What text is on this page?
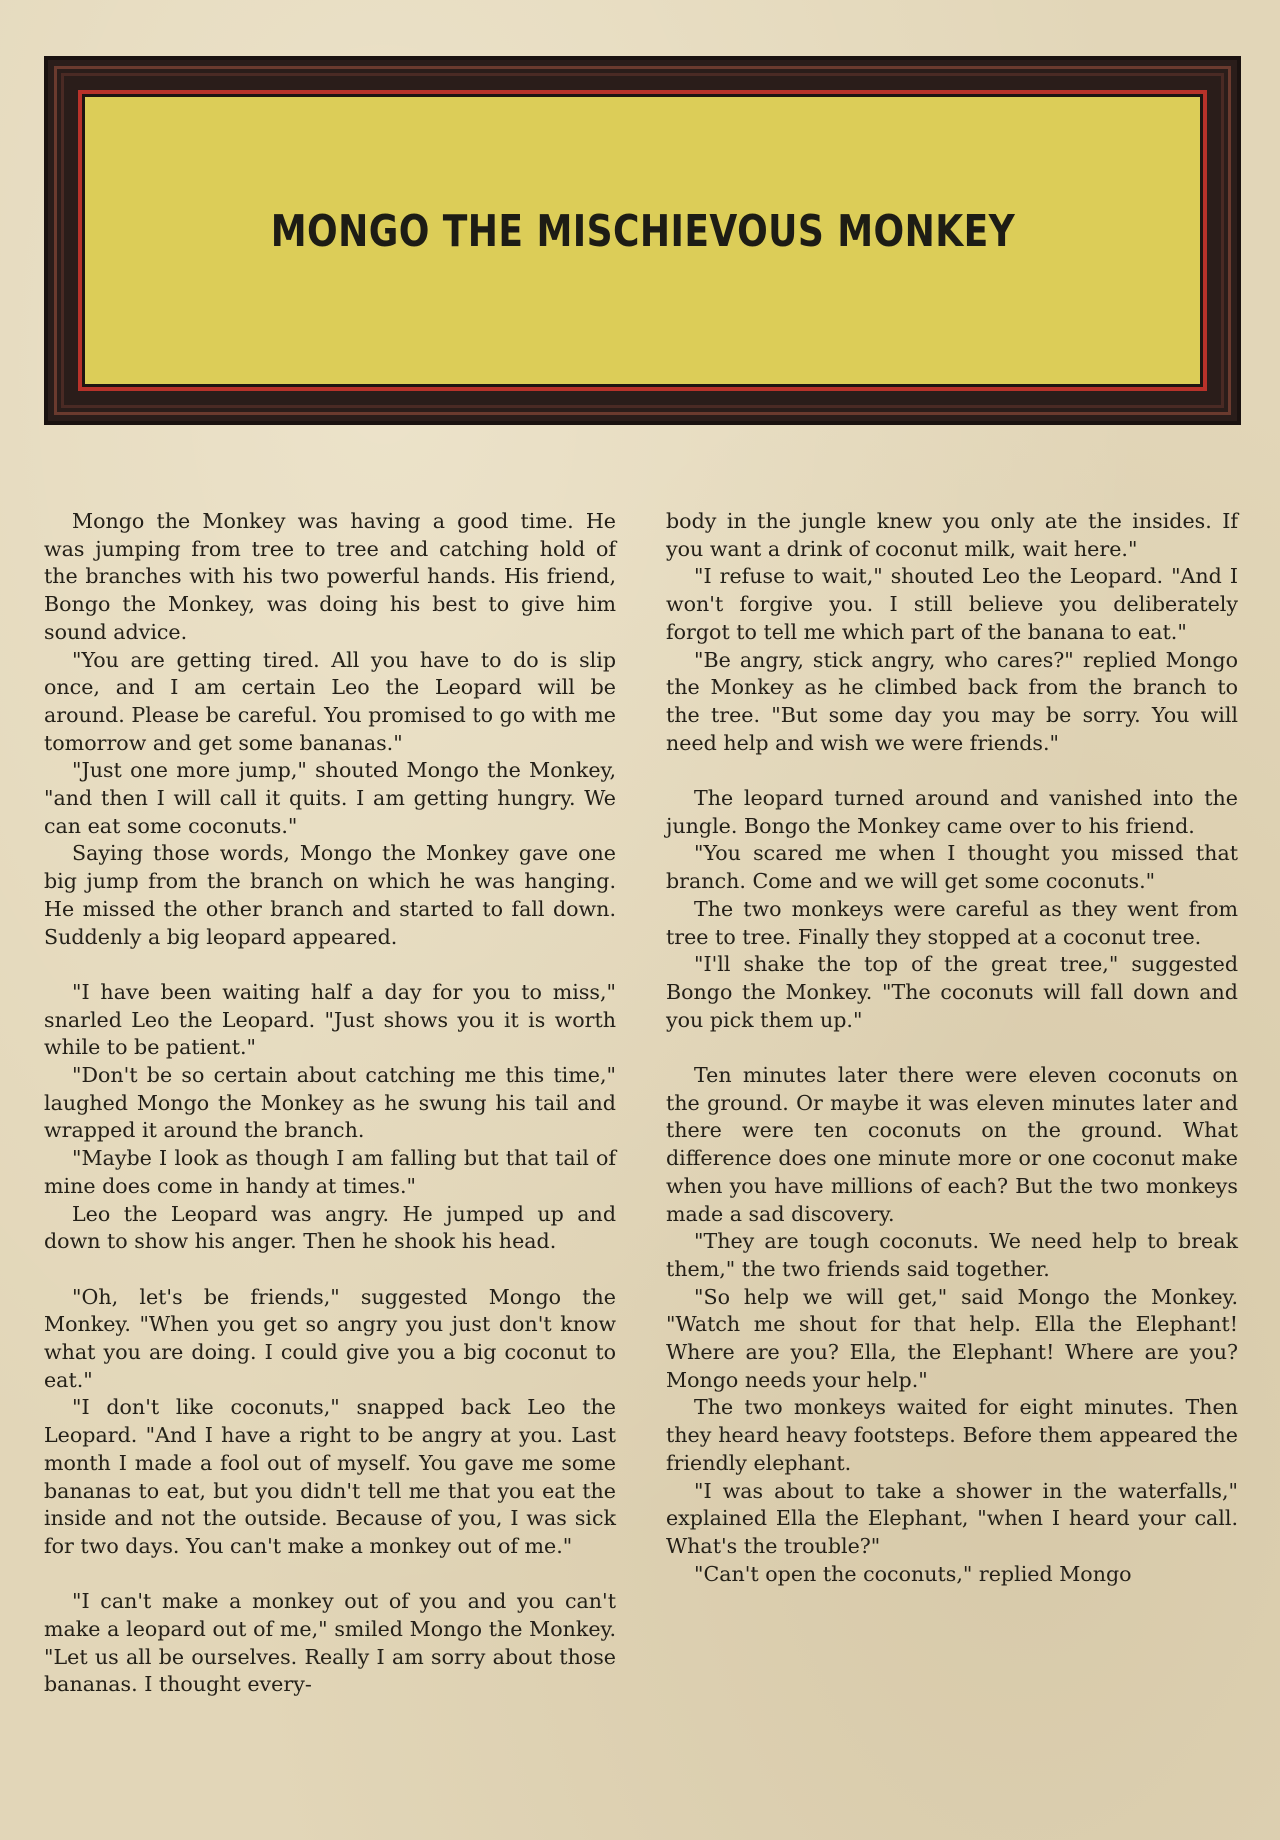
MONGO THE MISCHIEVOUS MONKEY

Mongo the Monkey was having a good time. He was jumping from tree to tree and catching hold of the branches with his two powerful hands. His friend, Bongo the Monkey, was doing his best to give him sound advice.

"You are getting tired. All you have to do is slip once, and I am certain Leo the Leopard will be around. Please be careful. You promised to go with me tomorrow and get some bananas."

"Just one more jump," shouted Mongo the Monkey, "and then I will call it quits. I am getting hungry. We can eat some coconuts."

Saying those words, Mongo the Monkey gave one big jump from the branch on which he was hanging. He missed the other branch and started to fall down. Suddenly a big leopard appeared.

"I have been waiting half a day for you to miss," snarled Leo the Leopard. "Just shows you it is worth while to be patient."

"Don't be so certain about catching me this time," laughed Mongo the Monkey as he swung his tail and wrapped it around the branch.

"Maybe I look as though I am falling but that tail of mine does come in handy at times."

Leo the Leopard was angry. He jumped up and down to show his anger. Then he shook his head.

"Oh, let's be friends," suggested Mongo the Monkey. "When you get so angry you just don't know what you are doing. I could give you a big coconut to eat."

"I don't like coconuts," snapped back Leo the Leopard. "And I have a right to be angry at you. Last month I made a fool out of myself. You gave me some bananas to eat, but you didn't tell me that you eat the inside and not the outside. Because of you, I was sick for two days. You can't make a monkey out of me."

"I can't make a monkey out of you and you can't make a leopard out of me," smiled Mongo the Monkey. "Let us all be ourselves. Really I am sorry about those bananas. I thought every-

body in the jungle knew you only ate the insides. If you want a drink of coconut milk, wait here."

"I refuse to wait," shouted Leo the Leopard. "And I won't forgive you. I still believe you deliberately forgot to tell me which part of the banana to eat."

"Be angry, stick angry, who cares?" replied Mongo the Monkey as he climbed back from the branch to the tree. "But some day you may be sorry. You will need help and wish we were friends."

The leopard turned around and vanished into the jungle. Bongo the Monkey came over to his friend.

"You scared me when I thought you missed that branch. Come and we will get some coconuts."

The two monkeys were careful as they went from tree to tree. Finally they stopped at a coconut tree.

"I'll shake the top of the great tree," suggested Bongo the Monkey. "The coconuts will fall down and you pick them up."

Ten minutes later there were eleven coconuts on the ground. Or maybe it was eleven minutes later and there were ten coconuts on the ground. What difference does one minute more or one coconut make when you have millions of each? But the two monkeys made a sad discovery.

"They are tough coconuts. We need help to break them," the two friends said together.

"So help we will get," said Mongo the Monkey. "Watch me shout for that help. Ella the Elephant! Where are you? Ella, the Elephant! Where are you? Mongo needs your help."

The two monkeys waited for eight minutes. Then they heard heavy footsteps. Before them appeared the friendly elephant.

"I was about to take a shower in the waterfalls," explained Ella the Elephant, "when I heard your call. What's the trouble?"

"Can't open the coconuts," replied Mongo
